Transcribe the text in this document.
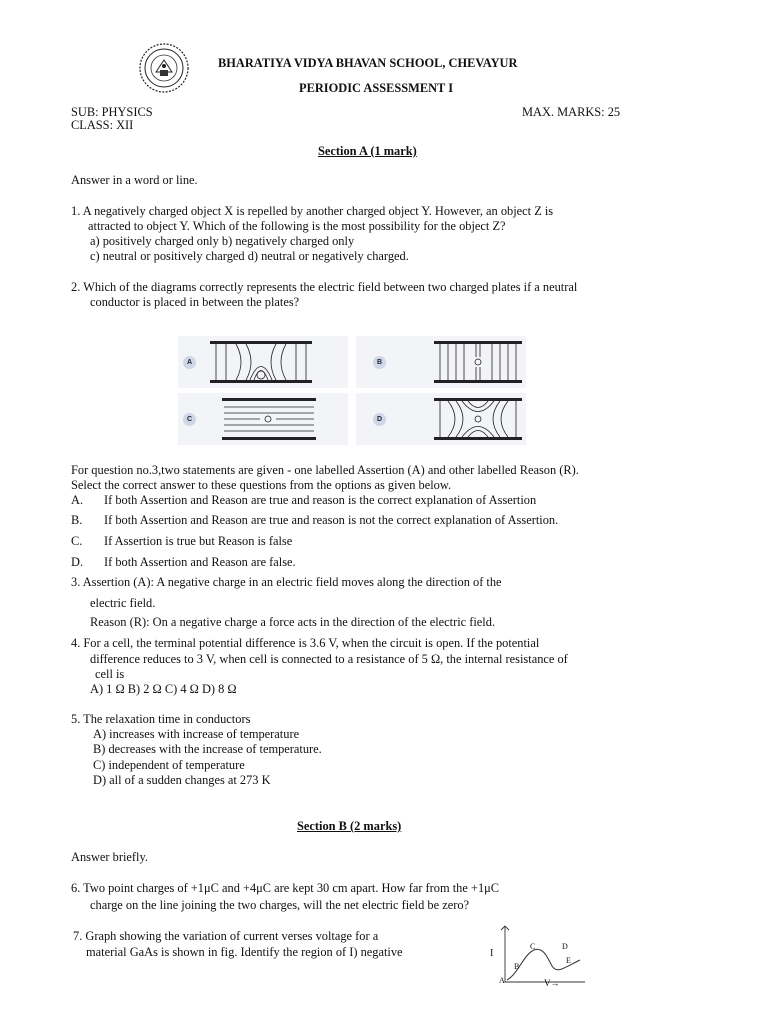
BHARATIYA VIDYA BHAVAN SCHOOL, CHEVAYUR
PERIODIC ASSESSMENT I
SUB: PHYSICS	MAX. MARKS: 25
CLASS: XII
Section A (1 mark)
Answer in a word or line.
1. A negatively charged object X is repelled by another charged object Y. However, an object Z is
attracted to object Y. Which of the following is the most possibility for the object Z?
a) positively charged only b) negatively charged only
c) neutral or positively charged d) neutral or negatively charged.
2. Which of the diagrams correctly represents the electric field between two charged plates if a neutral
conductor is placed in between the plates?
A	B
C	D
For question no.3,two statements are given - one labelled Assertion (A) and other labelled Reason (R).
Select the correct answer to these questions from the options as given below.
A. If both Assertion and Reason are true and reason is the correct explanation of Assertion
B. If both Assertion and Reason are true and reason is not the correct explanation of Assertion.
C. If Assertion is true but Reason is false
D. If both Assertion and Reason are false.
3. Assertion (A): A negative charge in an electric field moves along the direction of the
electric field.
Reason (R): On a negative charge a force acts in the direction of the electric field.
4. For a cell, the terminal potential difference is 3.6 V, when the circuit is open. If the potential
difference reduces to 3 V, when cell is connected to a resistance of 5 Ω, the internal resistance of
cell is
A) 1 Ω B) 2 Ω C) 4 Ω D) 8 Ω
5. The relaxation time in conductors
A) increases with increase of temperature
B) decreases with the increase of temperature.
C) independent of temperature
D) all of a sudden changes at 273 K
Section B (2 marks)
Answer briefly.
6. Two point charges of +1μC and +4μC are kept 30 cm apart. How far from the +1μC
charge on the line joining the two charges, will the net electric field be zero?
7. Graph showing the variation of current verses voltage for a
material GaAs is shown in fig. Identify the region of I) negative	I
V→
A
B
C	D
E
